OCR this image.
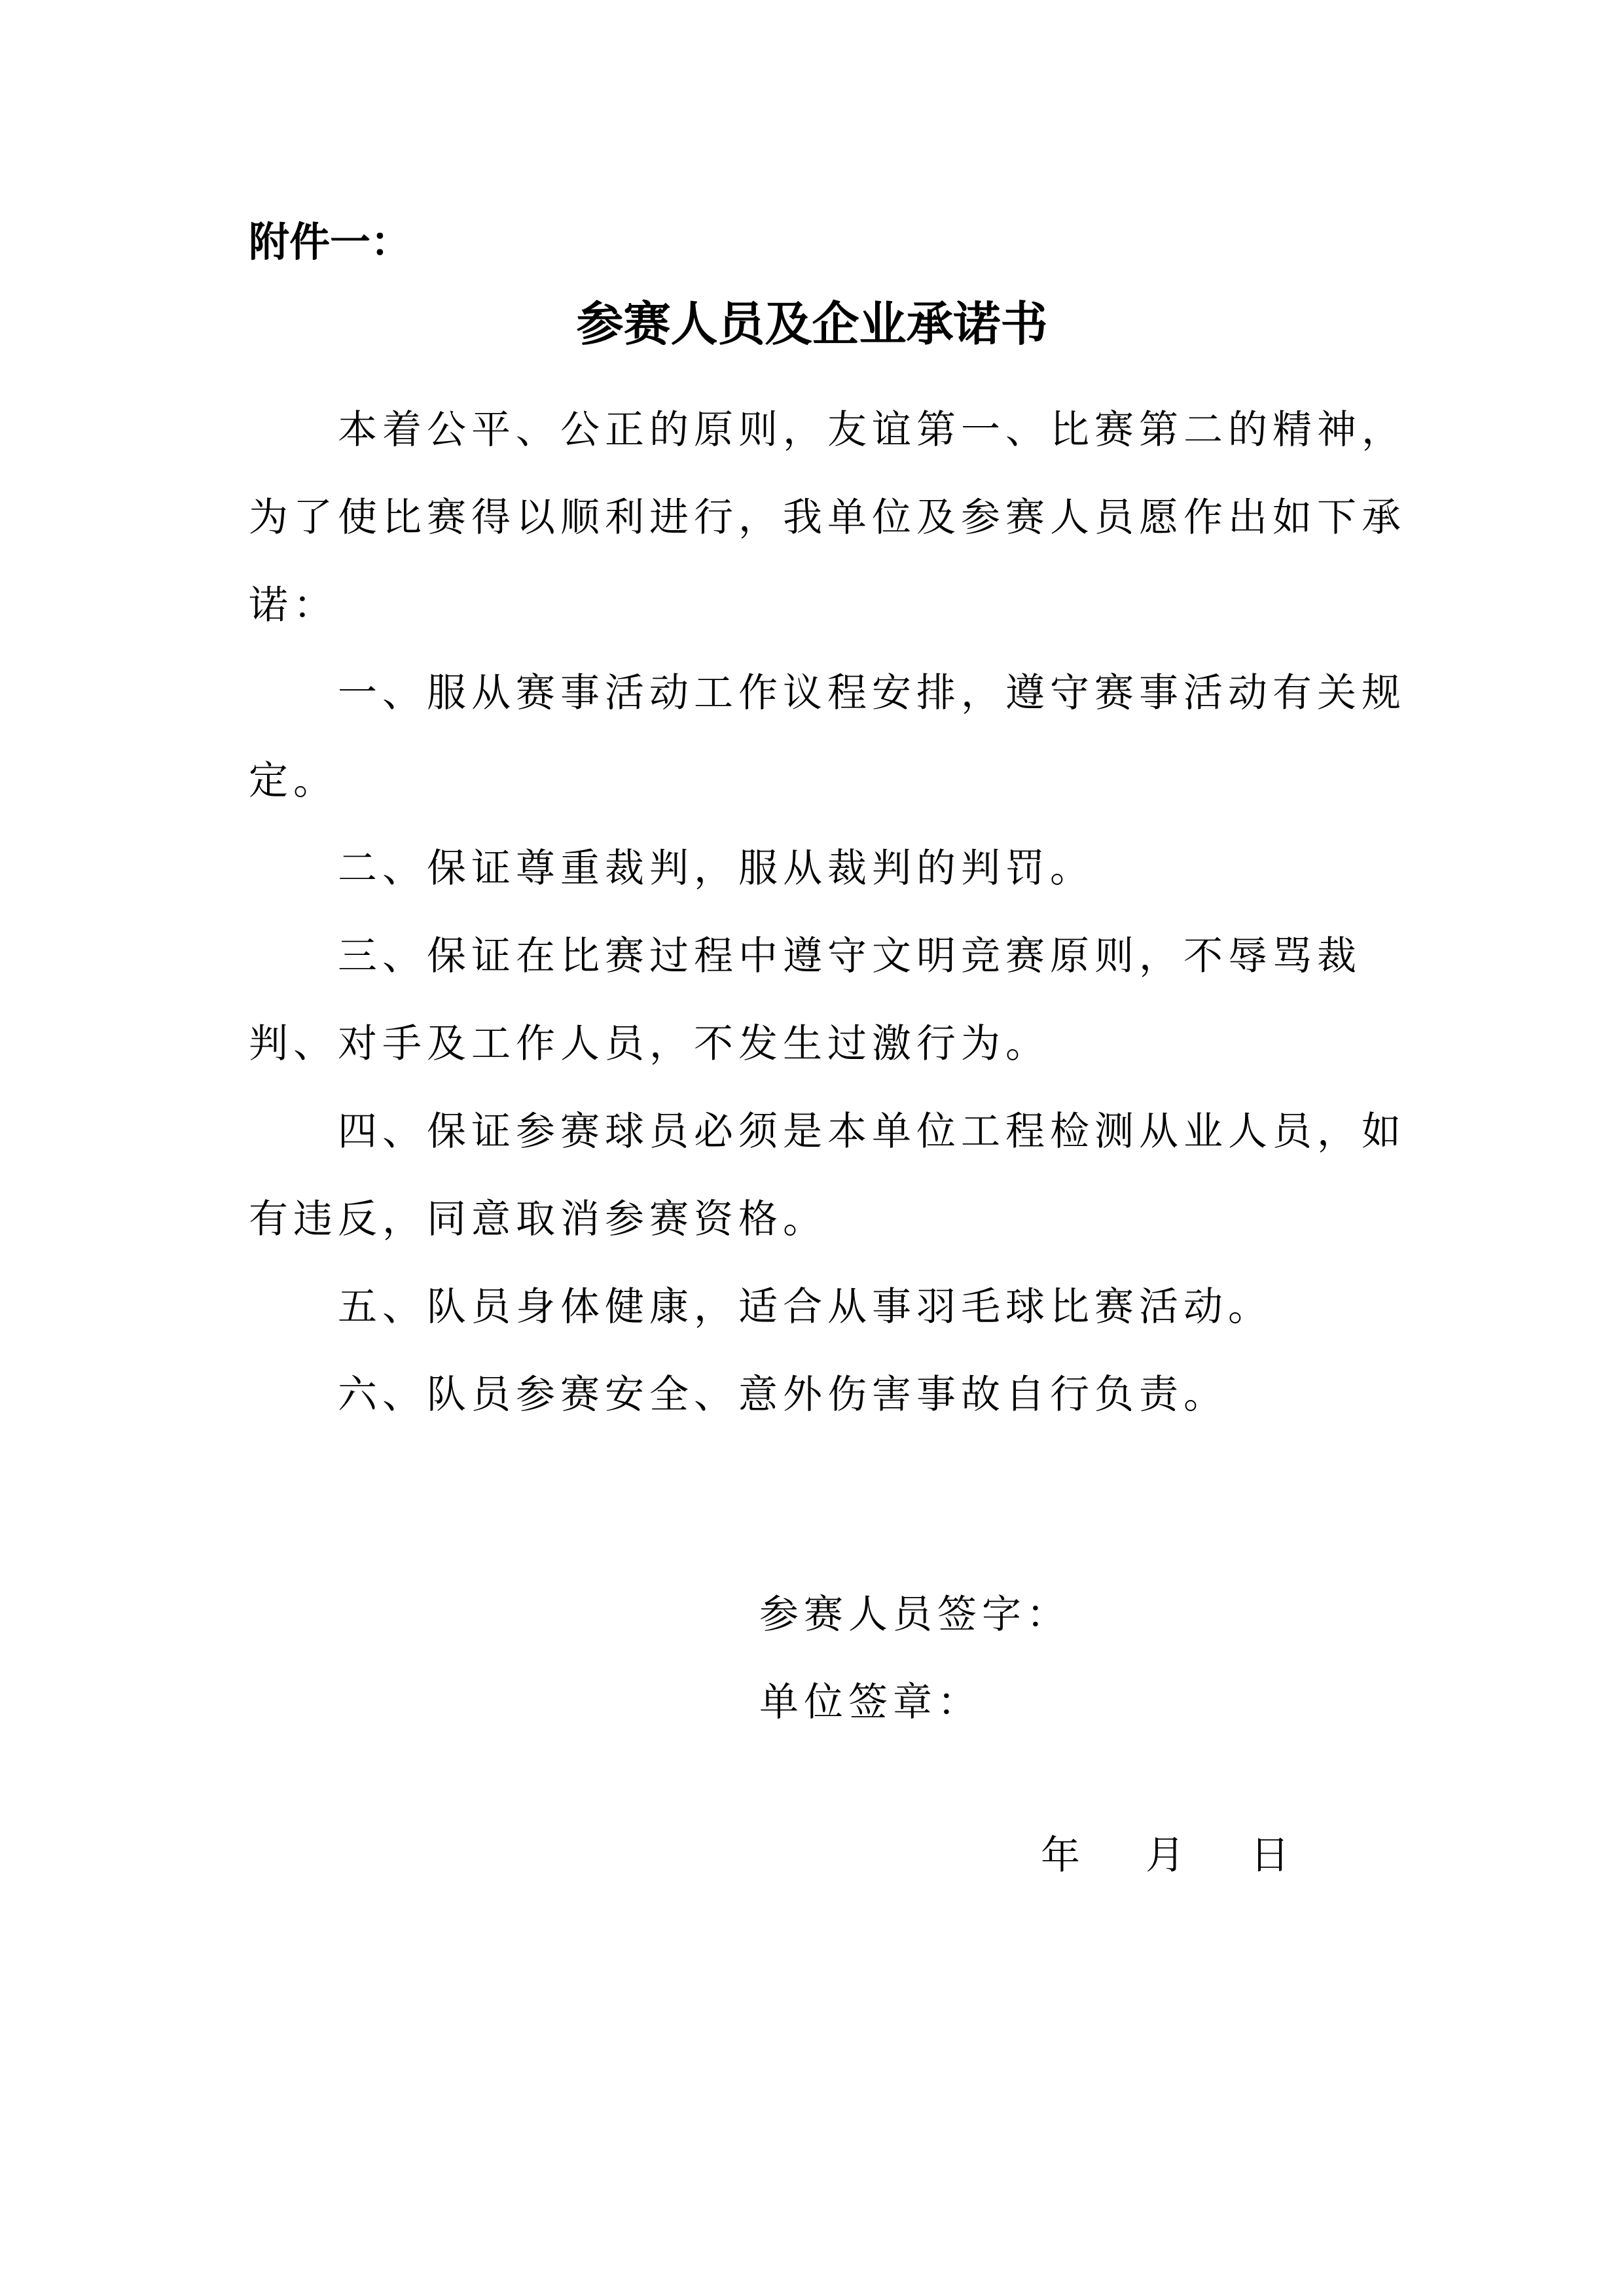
附件一：
参赛人员及企业承诺书

本着公平、公正的原则，友谊第一、比赛第二的精神，为了使比赛得以顺利进行，我单位及参赛人员愿作出如下承诺：

一、服从赛事活动工作议程安排，遵守赛事活动有关规定。

二、保证尊重裁判，服从裁判的判罚。

三、保证在比赛过程中遵守文明竞赛原则，不辱骂裁判、对手及工作人员，不发生过激行为。

四、保证参赛球员必须是本单位工程检测从业人员，如有违反，同意取消参赛资格。

五、队员身体健康，适合从事羽毛球比赛活动。

六、队员参赛安全、意外伤害事故自行负责。

参赛人员签字：

单位签章：

年 月 日
